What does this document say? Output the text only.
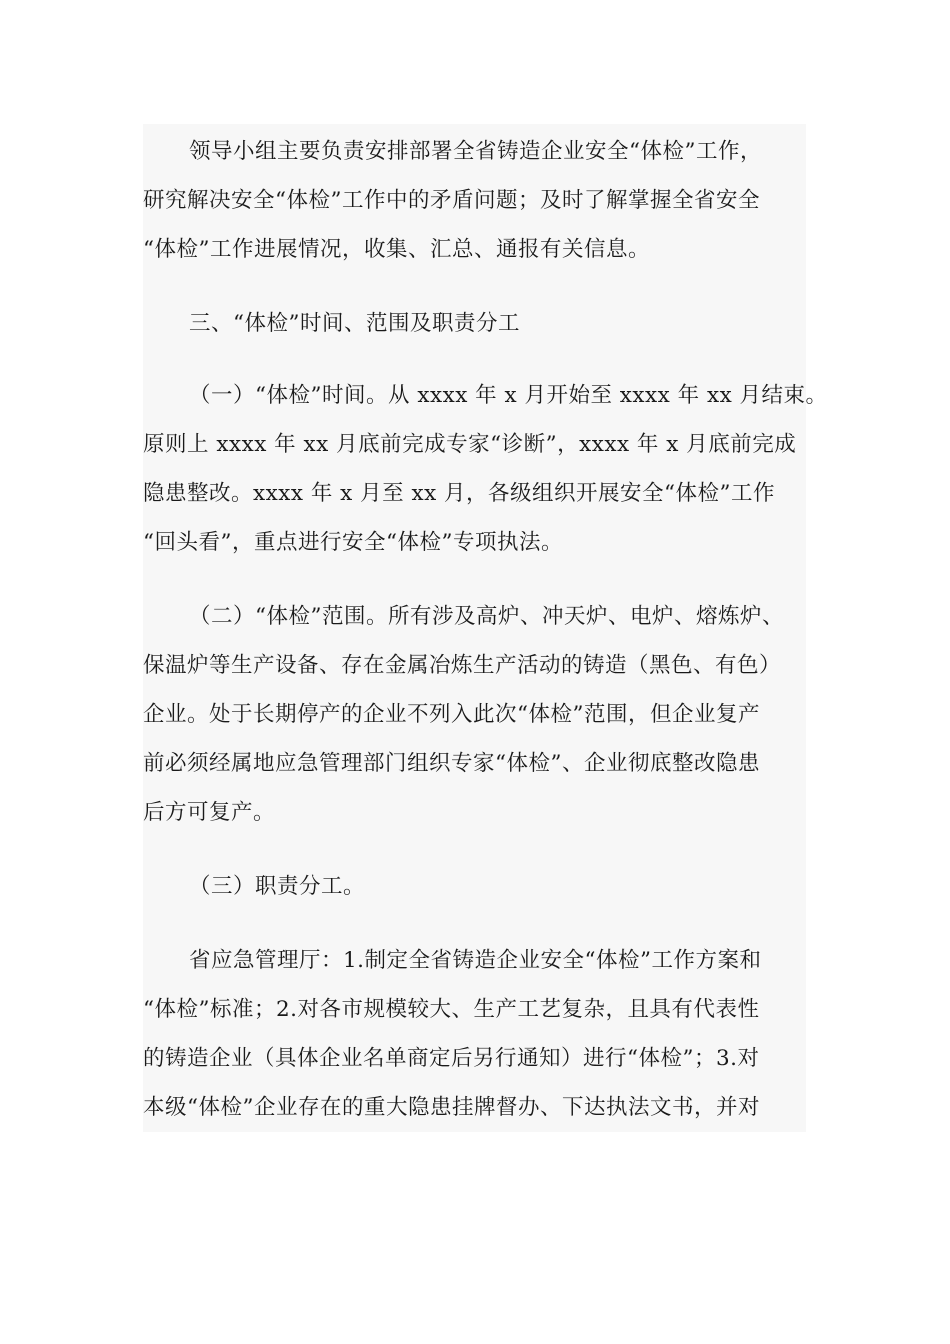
领导小组主要负责安排部署全省铸造企业安全“体检”工作，
研究解决安全“体检”工作中的矛盾问题；及时了解掌握全省安全
“体检”工作进展情况，收集、汇总、通报有关信息。
三、“体检”时间、范围及职责分工
（一）“体检”时间。从 xxxx 年 x 月开始至 xxxx 年 xx 月结束。
原则上 xxxx 年 xx 月底前完成专家“诊断”，xxxx 年 x 月底前完成
隐患整改。xxxx 年 x 月至 xx 月，各级组织开展安全“体检”工作
“回头看”，重点进行安全“体检”专项执法。
（二）“体检”范围。所有涉及高炉、冲天炉、电炉、熔炼炉、
保温炉等生产设备、存在金属冶炼生产活动的铸造（黑色、有色）
企业。处于长期停产的企业不列入此次“体检”范围，但企业复产
前必须经属地应急管理部门组织专家“体检”、企业彻底整改隐患
后方可复产。
（三）职责分工。
省应急管理厅：1.制定全省铸造企业安全“体检”工作方案和
“体检”标准；2.对各市规模较大、生产工艺复杂，且具有代表性
的铸造企业（具体企业名单商定后另行通知）进行“体检”；3.对
本级“体检”企业存在的重大隐患挂牌督办、下达执法文书，并对
